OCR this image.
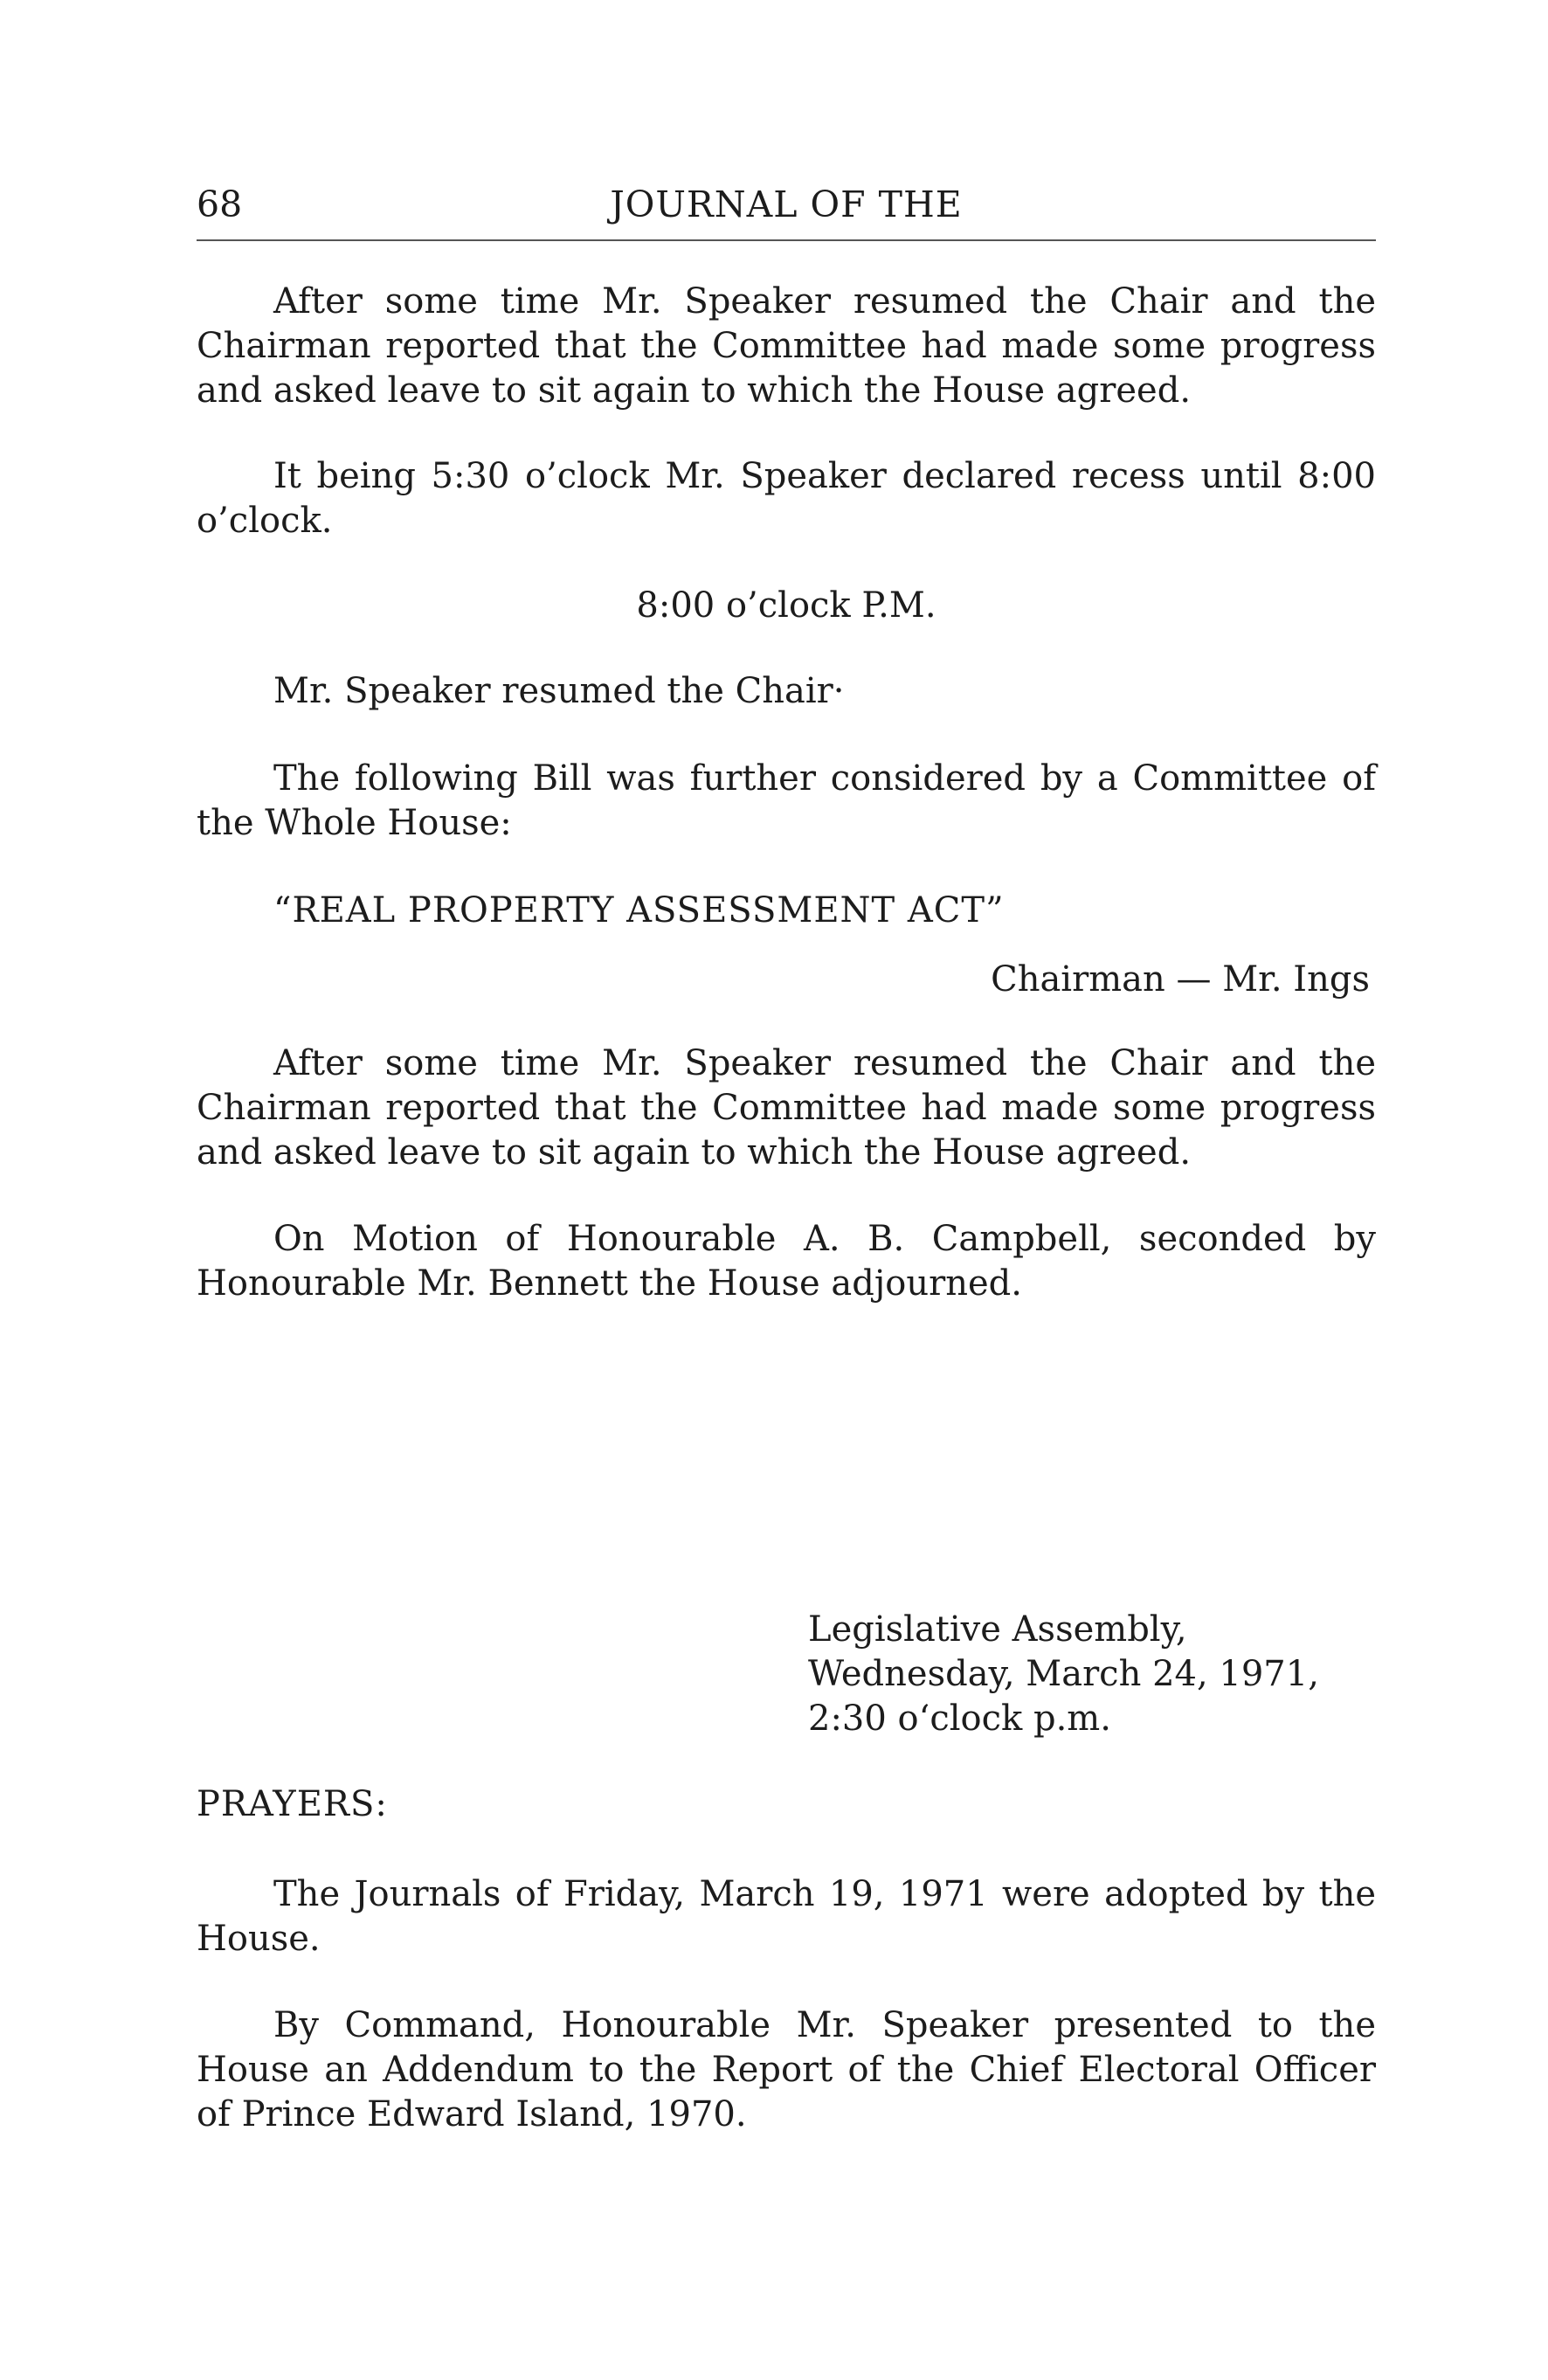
68	JOURNAL OF THE

After some time Mr. Speaker resumed the Chair and the Chairman reported that the Committee had made some progress and asked leave to sit again to which the House agreed.

It being 5:30 o’clock Mr. Speaker declared recess until 8:00 o’clock.

8:00 o’clock P.M.

Mr. Speaker resumed the Chair·

The following Bill was further considered by a Committee of the Whole House:

“REAL PROPERTY ASSESSMENT ACT”
Chairman — Mr. Ings

After some time Mr. Speaker resumed the Chair and the Chairman reported that the Committee had made some progress and asked leave to sit again to which the House agreed.

On Motion of Honourable A. B. Campbell, seconded by Honourable Mr. Bennett the House adjourned.

Legislative Assembly,
Wednesday, March 24, 1971,
2:30 o‘clock p.m.
PRAYERS:

The Journals of Friday, March 19, 1971 were adopted by the House.

By Command, Honourable Mr. Speaker presented to the House an Addendum to the Report of the Chief Electoral Officer of Prince Edward Island, 1970.
